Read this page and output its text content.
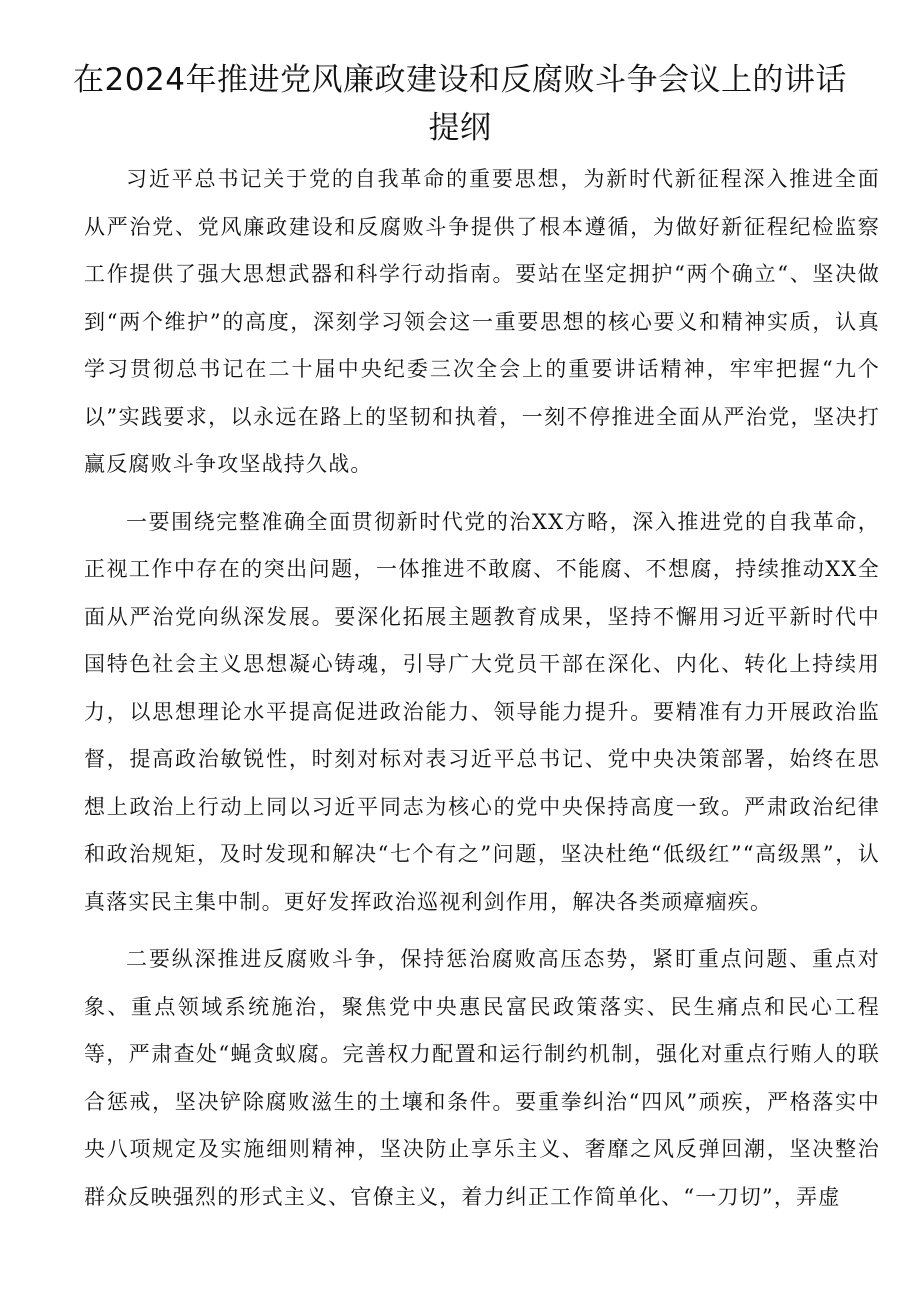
在2024年推进党风廉政建设和反腐败斗争会议上的讲话提纲

习近平总书记关于党的自我革命的重要思想，为新时代新征程深入推进全面从严治党、党风廉政建设和反腐败斗争提供了根本遵循，为做好新征程纪检监察工作提供了强大思想武器和科学行动指南。要站在坚定拥护“两个确立“、坚决做到“两个维护”的高度，深刻学习领会这一重要思想的核心要义和精神实质，认真学习贯彻总书记在二十届中央纪委三次全会上的重要讲话精神，牢牢把握“九个以”实践要求，以永远在路上的坚韧和执着，一刻不停推进全面从严治党，坚决打赢反腐败斗争攻坚战持久战。

一要围绕完整准确全面贯彻新时代党的治XX方略，深入推进党的自我革命，正视工作中存在的突出问题，一体推进不敢腐、不能腐、不想腐，持续推动XX全面从严治党向纵深发展。要深化拓展主题教育成果，坚持不懈用习近平新时代中国特色社会主义思想凝心铸魂，引导广大党员干部在深化、内化、转化上持续用力，以思想理论水平提高促进政治能力、领导能力提升。要精准有力开展政治监督，提高政治敏锐性，时刻对标对表习近平总书记、党中央决策部署，始终在思想上政治上行动上同以习近平同志为核心的党中央保持高度一致。严肃政治纪律和政治规矩，及时发现和解决“七个有之”问题，坚决杜绝“低级红”“高级黑”，认真落实民主集中制。更好发挥政治巡视利剑作用，解决各类顽瘴痼疾。

二要纵深推进反腐败斗争，保持惩治腐败高压态势，紧盯重点问题、重点对象、重点领域系统施治，聚焦党中央惠民富民政策落实、民生痛点和民心工程等，严肃查处“蝇贪蚁腐。完善权力配置和运行制约机制，强化对重点行贿人的联合惩戒，坚决铲除腐败滋生的土壤和条件。要重拳纠治“四风”顽疾，严格落实中央八项规定及实施细则精神，坚决防止享乐主义、奢靡之风反弹回潮，坚决整治群众反映强烈的形式主义、官僚主义，着力纠正工作简单化、“一刀切”，弄虚
